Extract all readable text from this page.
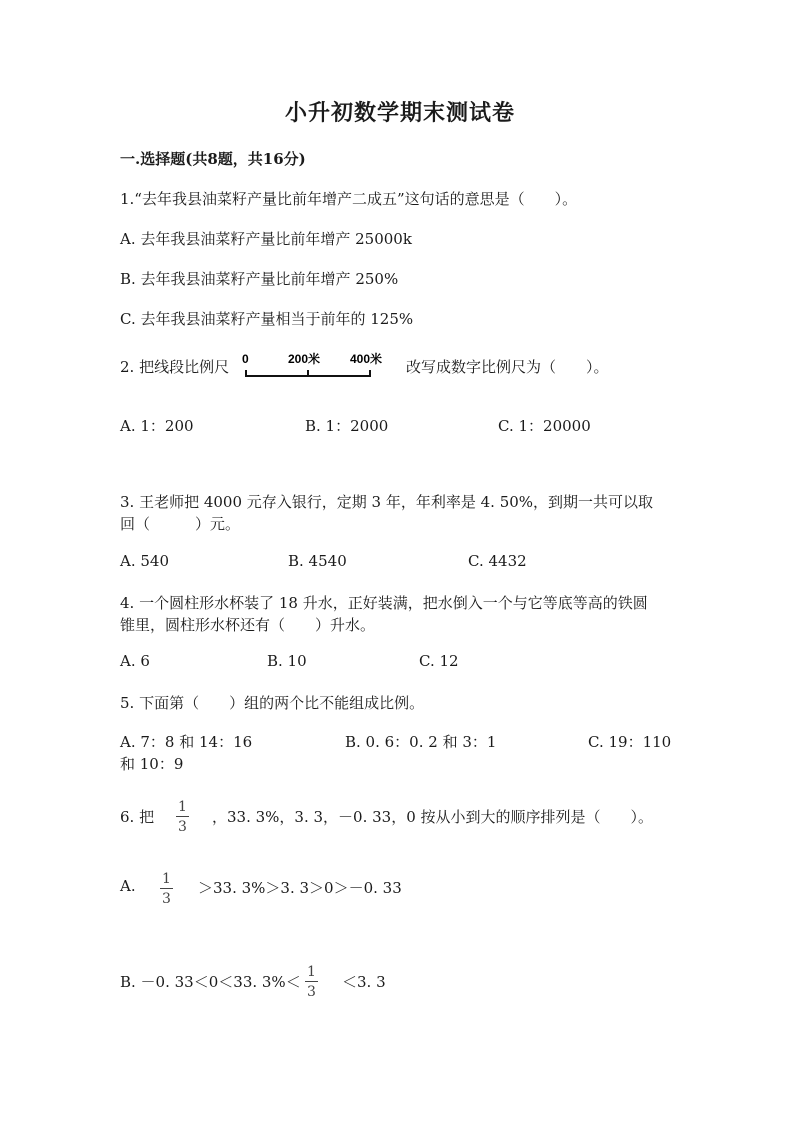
小升初数学期末测试卷
一.选择题(共8题，共16分)
1.“去年我县油菜籽产量比前年增产二成五”这句话的意思是（　　）。
A. 去年我县油菜籽产量比前年增产 25000k
B. 去年我县油菜籽产量比前年增产 250%
C. 去年我县油菜籽产量相当于前年的 125%
2. 把线段比例尺 0	200米 400米 改写成数字比例尺为（　　）。
A. 1：200	B. 1：2000	C. 1：20000
3. 王老师把 4000 元存入银行，定期 3 年，年利率是 4. 50%，到期一共可以取
回（　　　）元。
A. 540	B. 4540	C. 4432
4. 一个圆柱形水杯装了 18 升水，正好装满，把水倒入一个与它等底等高的铁圆
锥里，圆柱形水杯还有（　　）升水。
A. 6	B. 10	C. 12
5. 下面第（　　）组的两个比不能组成比例。
A. 7：8 和 14：16	B. 0. 6：0. 2 和 3：1	C. 19：110
和 10：9
6. 把 $\frac{1}{3}$ ，33. 3%，3. 3，－0. 33，0 按从小到大的顺序排列是（　　）。
A. $\frac{1}{3} >33$. 3%＞3. 3＞0＞－0. 33
B. －0. 33＜0＜33. $3\%< \frac{1}{3} <3$. 3
